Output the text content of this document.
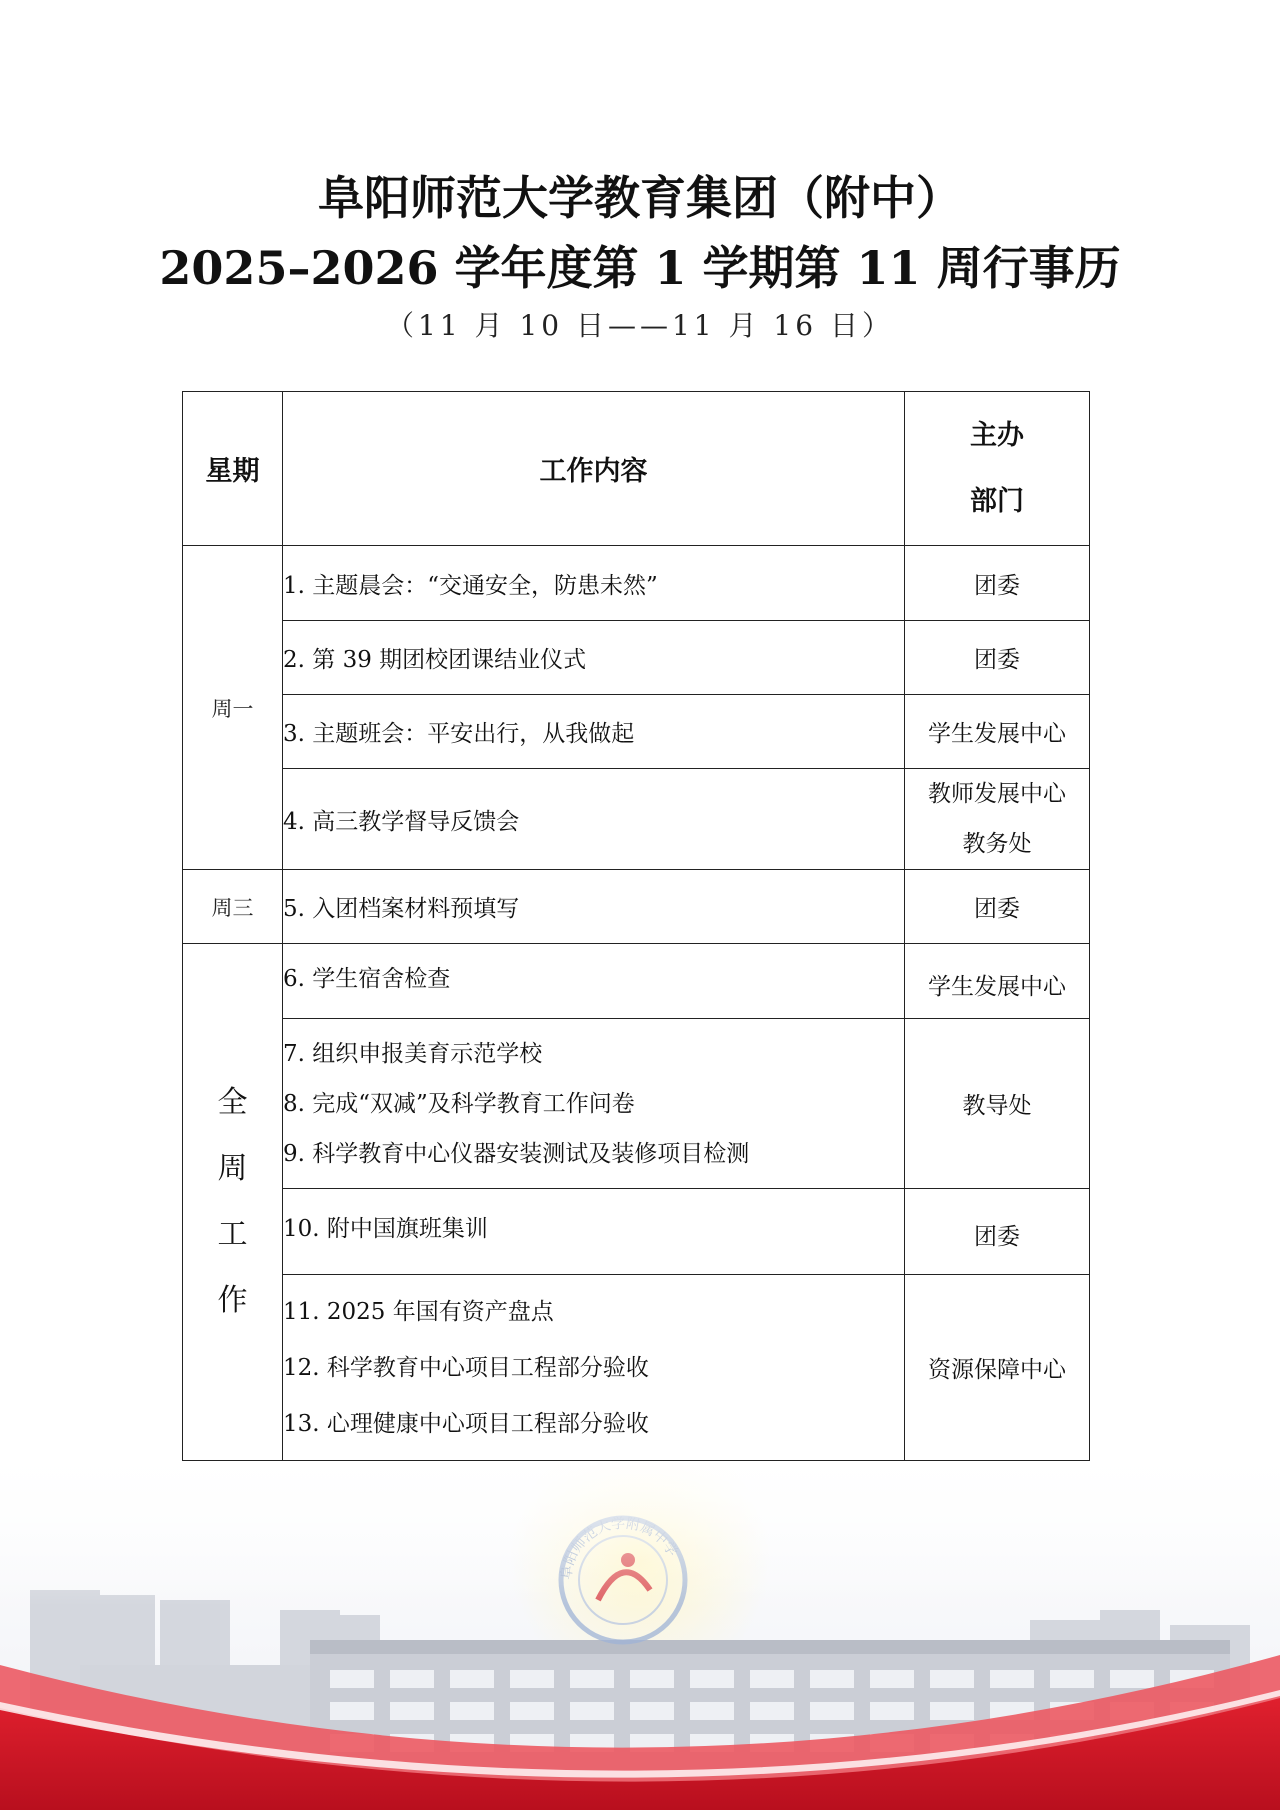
阜阳师范大学教育集团（附中）
2025–2026 学年度第 1 学期第 11 周行事历
（11 月 10 日——11 月 16 日）
星期	工作内容	主办
部门

周一	1. 主题晨会：“交通安全，防患未然”	团委

	2. 第 39 期团校团课结业仪式	团委

	3. 主题班会：平安出行，从我做起	学生发展中心

	4. 高三教学督导反馈会	教师发展中心
教务处

周三	5. 入团档案材料预填写	团委

全
周
工
作	6. 学生宿舍检查	学生发展中心

	7. 组织申报美育示范学校
8. 完成“双减”及科学教育工作问卷
9. 科学教育中心仪器安装测试及装修项目检测	教导处

	10. 附中国旗班集训	团委

	11. 2025 年国有资产盘点
12. 科学教育中心项目工程部分验收
13. 心理健康中心项目工程部分验收	资源保障中心
